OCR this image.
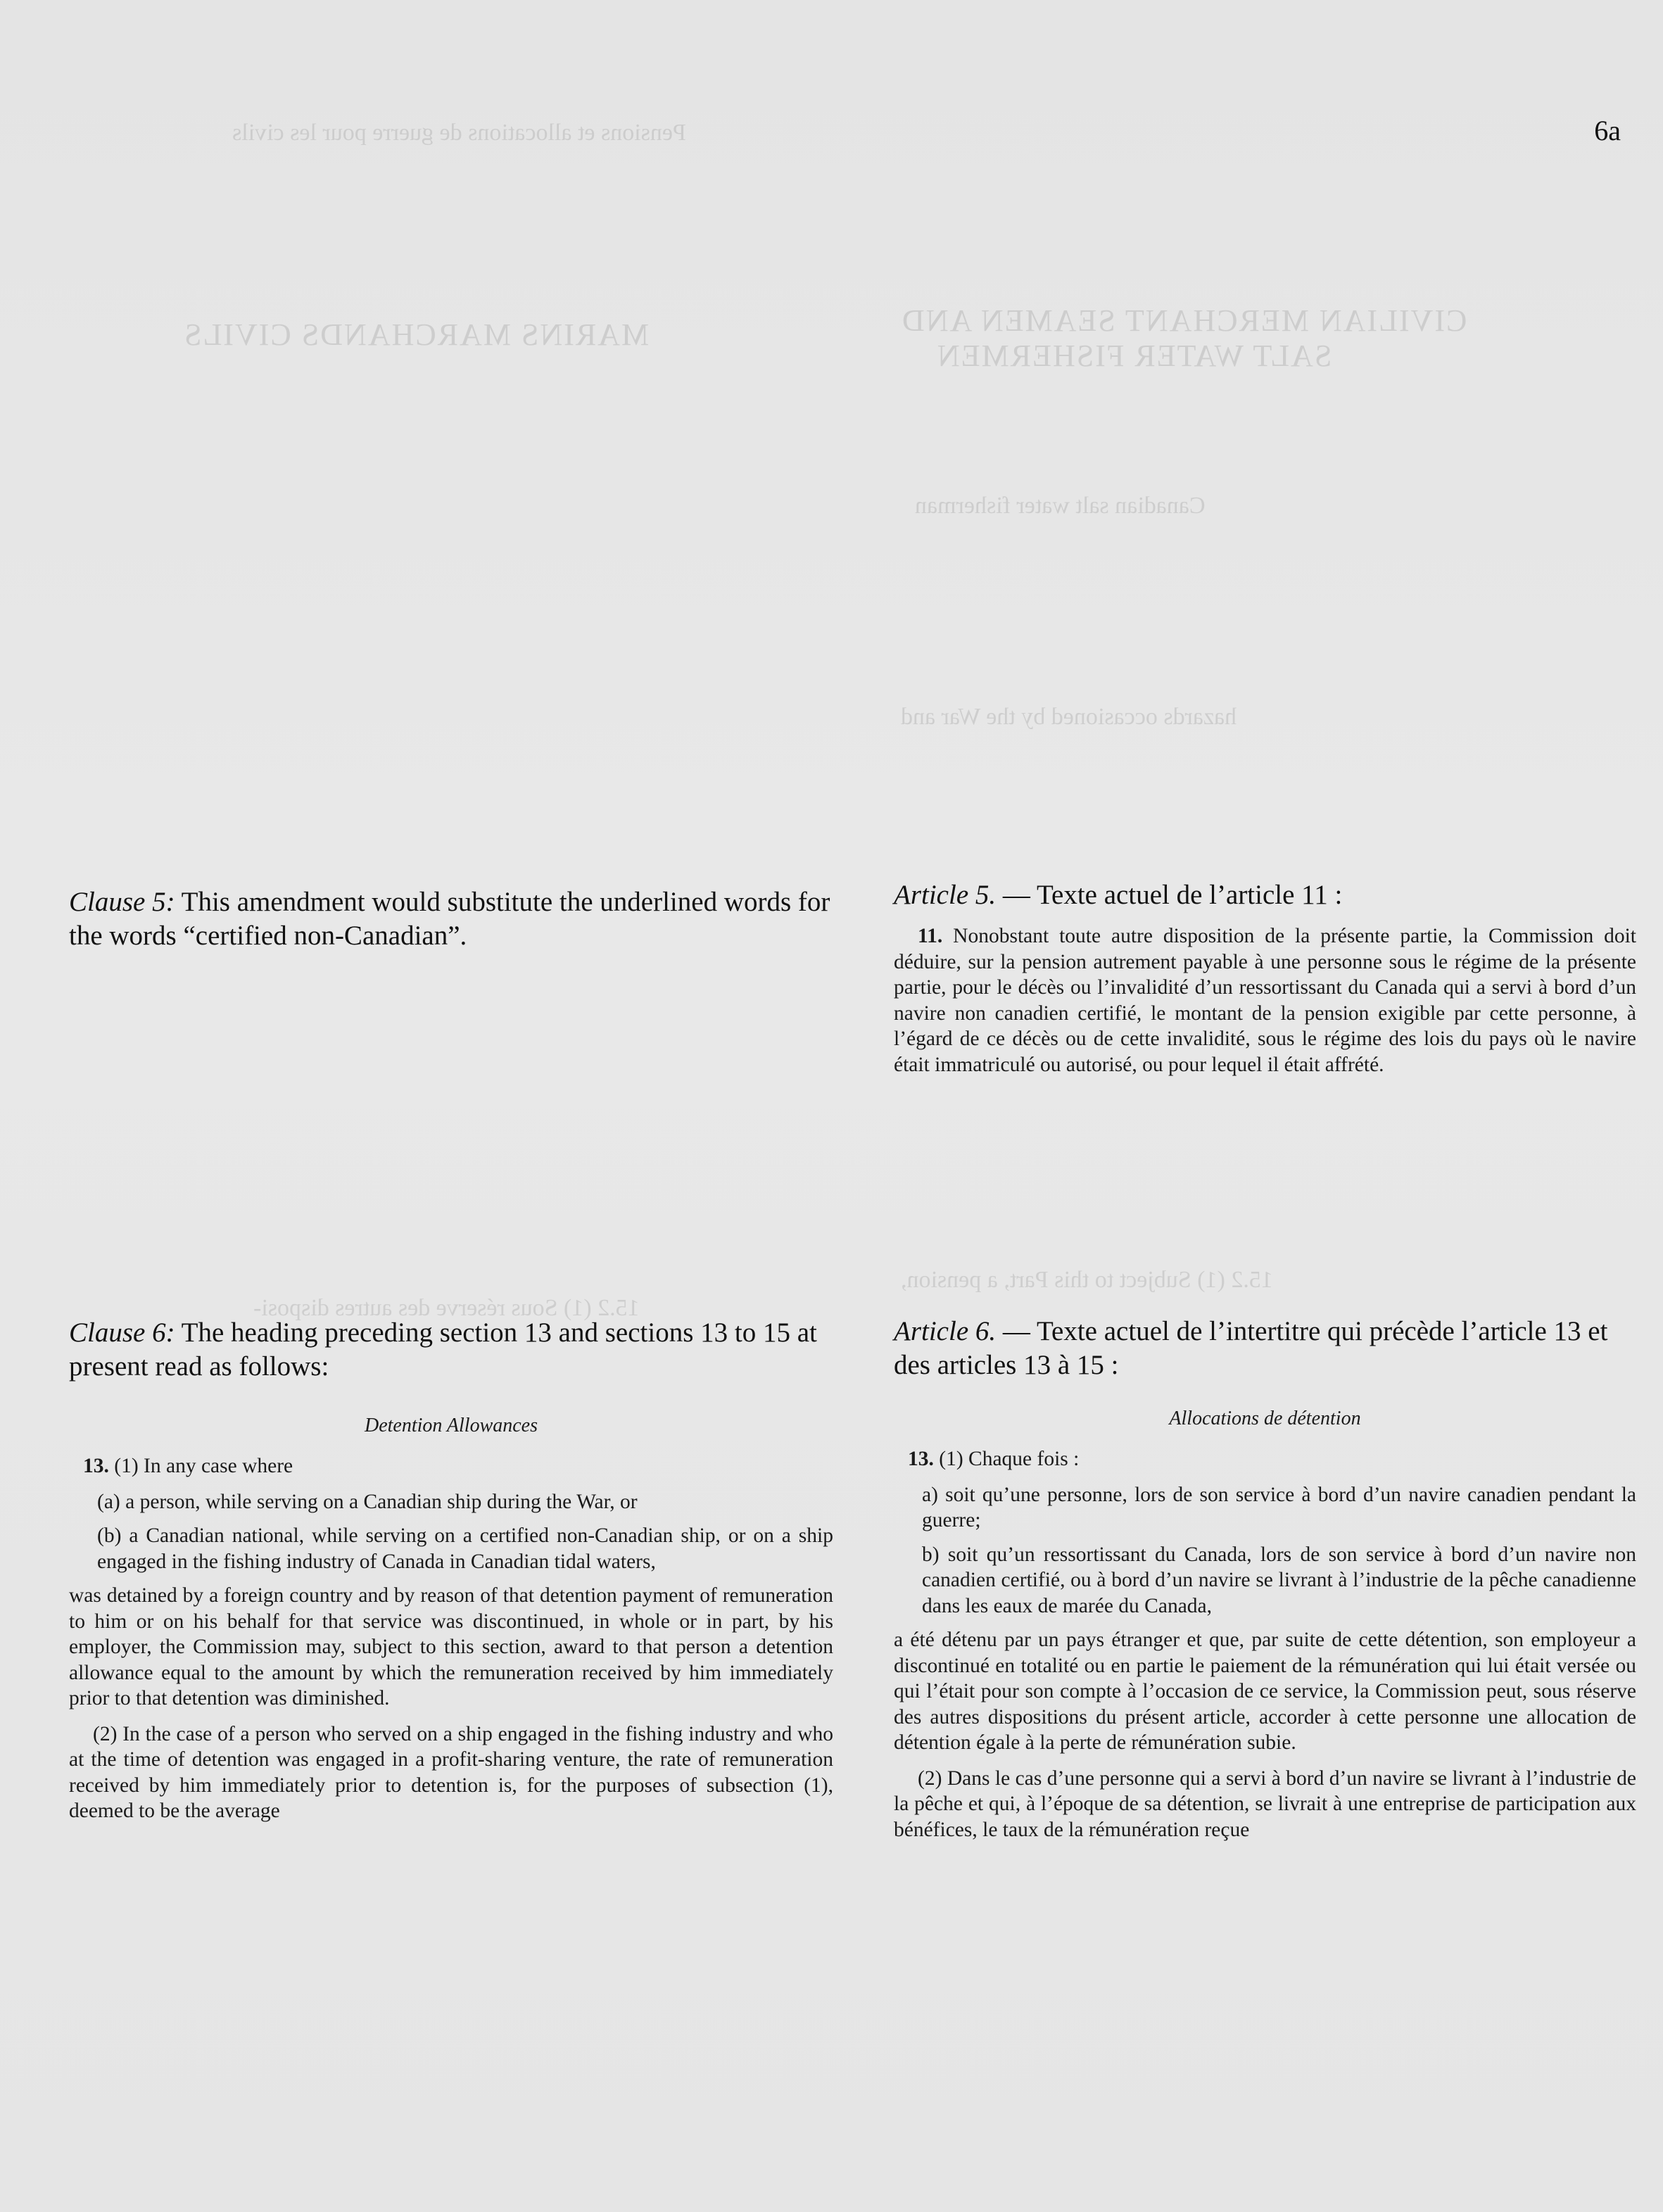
Pensions et allocations de guerre pour les civils
CIVILIAN MERCHANT SEAMEN AND
SALT WATER FISHERMEN
MARINS MARCHANDS CIVILS
Canadian salt water fisherman
hazards occasioned by the War and
15.2 (1) Subject to this Part, a pension,
15.2 (1) Sous réserve des autres disposi-
6a
Clause 5: This amendment would substitute the underlined words for the words “certified non-Canadian”.
Clause 6: The heading preceding section 13 and sections 13 to 15 at present read as follows:
Detention Allowances

13. (1) In any case where

(a) a person, while serving on a Canadian ship during the War, or

(b) a Canadian national, while serving on a certified non-Canadian ship, or on a ship engaged in the fishing industry of Canada in Canadian tidal waters,

was detained by a foreign country and by reason of that detention payment of remuneration to him or on his behalf for that service was discontinued, in whole or in part, by his employer, the Commission may, subject to this section, award to that person a detention allowance equal to the amount by which the remuneration received by him immediately prior to that detention was diminished.

(2) In the case of a person who served on a ship engaged in the fishing industry and who at the time of detention was engaged in a profit-sharing venture, the rate of remuneration received by him immediately prior to detention is, for the purposes of subsection (1), deemed to be the average

Article 5. — Texte actuel de l’article 11 :

11. Nonobstant toute autre disposition de la présente partie, la Commission doit déduire, sur la pension autrement payable à une personne sous le régime de la présente partie, pour le décès ou l’invalidité d’un ressortissant du Canada qui a servi à bord d’un navire non canadien certifié, le montant de la pension exigible par cette personne, à l’égard de ce décès ou de cette invalidité, sous le régime des lois du pays où le navire était immatriculé ou autorisé, ou pour lequel il était affrété.

Article 6. — Texte actuel de l’intertitre qui précède l’article 13 et des articles 13 à 15 :
Allocations de détention

13. (1) Chaque fois :

a) soit qu’une personne, lors de son service à bord d’un navire canadien pendant la guerre;

b) soit qu’un ressortissant du Canada, lors de son service à bord d’un navire non canadien certifié, ou à bord d’un navire se livrant à l’industrie de la pêche canadienne dans les eaux de marée du Canada,

a été détenu par un pays étranger et que, par suite de cette détention, son employeur a discontinué en totalité ou en partie le paiement de la rémunération qui lui était versée ou qui l’était pour son compte à l’occasion de ce service, la Commission peut, sous réserve des autres dispositions du présent article, accorder à cette personne une allocation de détention égale à la perte de rémunération subie.

(2) Dans le cas d’une personne qui a servi à bord d’un navire se livrant à l’industrie de la pêche et qui, à l’époque de sa détention, se livrait à une entreprise de participation aux bénéfices, le taux de la rémunération reçue
